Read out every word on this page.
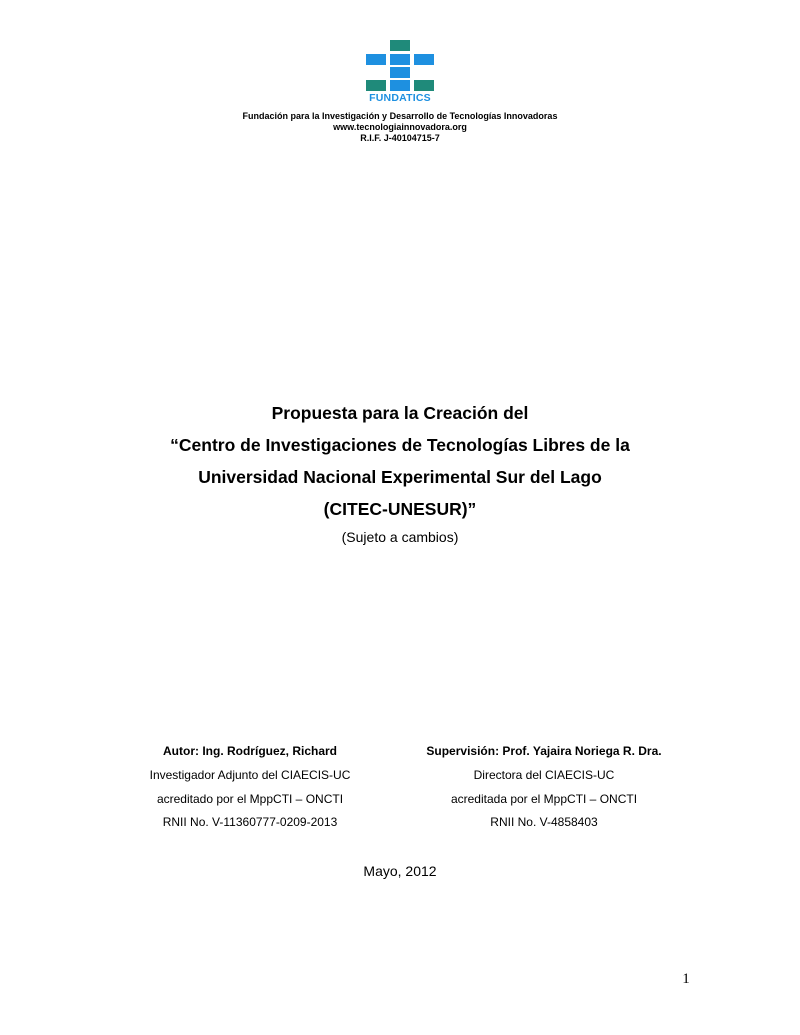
FUNDATICS
Fundación para la Investigación y Desarrollo de Tecnologías Innovadoras
www.tecnologiainnovadora.org
R.I.F. J-40104715-7
Propuesta para la Creación del
“Centro de Investigaciones de Tecnologías Libres de la
Universidad Nacional Experimental Sur del Lago
(CITEC-UNESUR)”
(Sujeto a cambios)
Autor: Ing. Rodríguez, Richard
Investigador Adjunto del CIAECIS-UC
acreditado por el MppCTI – ONCTI
RNII No. V-11360777-0209-2013
Supervisión: Prof. Yajaira Noriega R. Dra.
Directora del CIAECIS-UC
acreditada por el MppCTI – ONCTI
RNII No. V-4858403
Mayo, 2012
1
